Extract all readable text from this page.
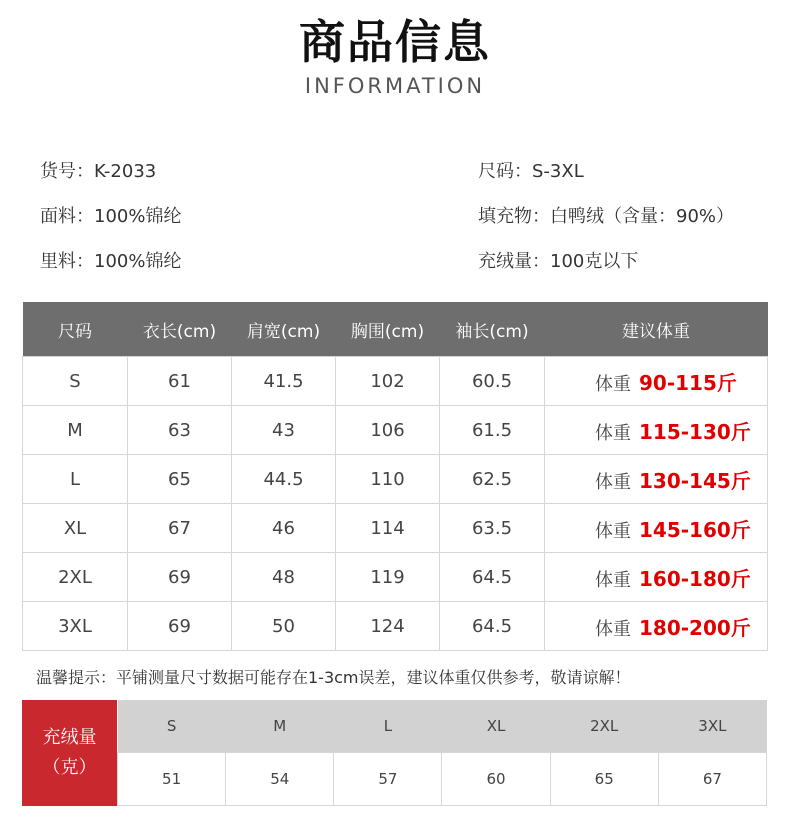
商品信息
INFORMATION
货号：K-2033	尺码：S-3XL
面料：100%锦纶	填充物：白鸭绒（含量：90%）
里料：100%锦纶	充绒量：100克以下
尺码	衣长(cm)	肩宽(cm)	胸围(cm)	袖长(cm)	建议体重
S	61	41.5	102	60.5	体重 90-115斤
M	63	43	106	61.5	体重 115-130斤
L	65	44.5	110	62.5	体重 130-145斤
XL	67	46	114	63.5	体重 145-160斤
2XL	69	48	119	64.5	体重 160-180斤
3XL	69	50	124	64.5	体重 180-200斤
温馨提示：平铺测量尺寸数据可能存在1-3cm误差，建议体重仅供参考，敬请谅解！
充绒量
（克）
S	M	L	XL	2XL	3XL
51	54	57	60	65	67
